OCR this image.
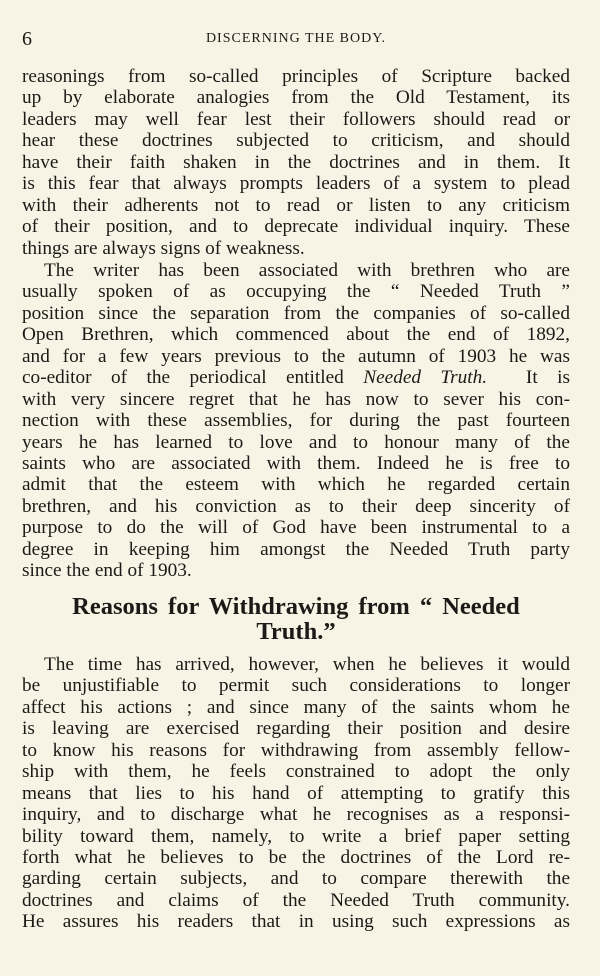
6	DISCERNING THE BODY.
reasonings from so-called principles of Scripture backed
up by elaborate analogies from the Old Testament, its
leaders may well fear lest their followers should read or
hear these doctrines subjected to criticism, and should
have their faith shaken in the doctrines and in them. It
is this fear that always prompts leaders of a system to plead
with their adherents not to read or listen to any criticism
of their position, and to deprecate individual inquiry. These
things are always signs of weakness.
The writer has been associated with brethren who are
usually spoken of as occupying the “ Needed Truth ”
position since the separation from the companies of so-called
Open Brethren, which commenced about the end of 1892,
and for a few years previous to the autumn of 1903 he was
co-editor of the periodical entitled Needed Truth.  It is
with very sincere regret that he has now to sever his con-
nection with these assemblies, for during the past fourteen
years he has learned to love and to honour many of the
saints who are associated with them. Indeed he is free to
admit that the esteem with which he regarded certain
brethren, and his conviction as to their deep sincerity of
purpose to do the will of God have been instrumental to a
degree in keeping him amongst the Needed Truth party
since the end of 1903.
Reasons for Withdrawing from “ Needed
Truth.”
The time has arrived, however, when he believes it would
be unjustifiable to permit such considerations to longer
affect his actions ; and since many of the saints whom he
is leaving are exercised regarding their position and desire
to know his reasons for withdrawing from assembly fellow-
ship with them, he feels constrained to adopt the only
means that lies to his hand of attempting to gratify this
inquiry, and to discharge what he recognises as a responsi-
bility toward them, namely, to write a brief paper setting
forth what he believes to be the doctrines of the Lord re-
garding certain subjects, and to compare therewith the
doctrines and claims of the Needed Truth community.
He assures his readers that in using such expressions as
